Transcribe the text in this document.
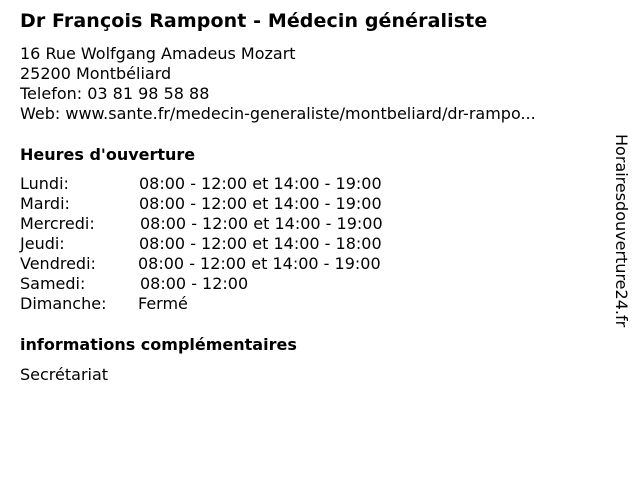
Dr François Rampont - Médecin généraliste
16 Rue Wolfgang Amadeus Mozart
25200 Montbéliard
Telefon: 03 81 98 58 88
Web: www.sante.fr/medecin-generaliste/montbeliard/dr-rampo...
Heures d'ouverture
Lundi:	08:00 - 12:00 et 14:00 - 19:00
Mardi:	08:00 - 12:00 et 14:00 - 19:00
Mercredi:	08:00 - 12:00 et 14:00 - 19:00
Jeudi:	08:00 - 12:00 et 14:00 - 18:00
Vendredi:	08:00 - 12:00 et 14:00 - 19:00
Samedi:	08:00 - 12:00
Dimanche: Fermé
informations complémentaires
Secrétariat
Horairesdouverture24.fr
